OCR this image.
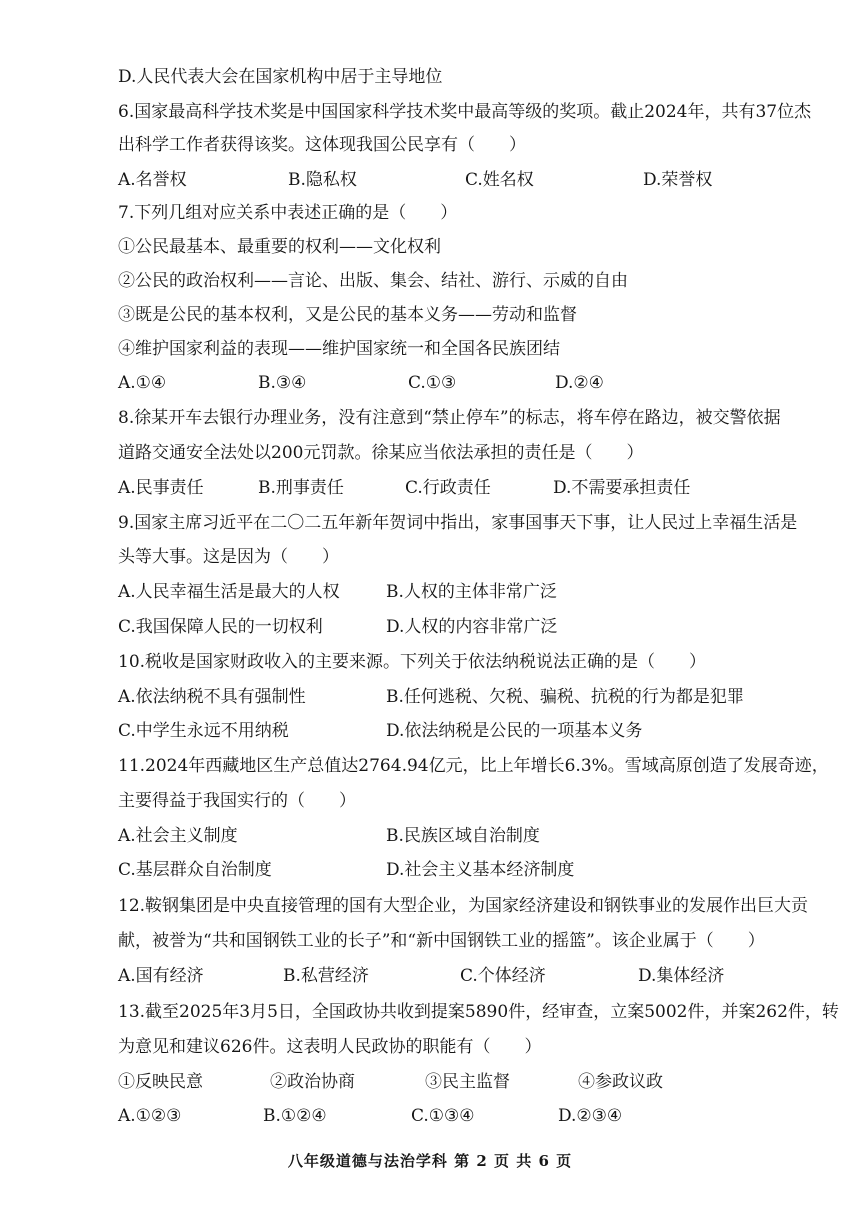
D.人民代表大会在国家机构中居于主导地位
6.国家最高科学技术奖是中国国家科学技术奖中最高等级的奖项。截止2024年，共有37位杰
出科学工作者获得该奖。这体现我国公民享有（　　）
A.名誉权	B.隐私权	C.姓名权	D.荣誉权
7.下列几组对应关系中表述正确的是（　　）
①公民最基本、最重要的权利——文化权利
②公民的政治权利——言论、出版、集会、结社、游行、示威的自由
③既是公民的基本权利，又是公民的基本义务——劳动和监督
④维护国家利益的表现——维护国家统一和全国各民族团结
A.①④	B.③④	C.①③	D.②④
8.徐某开车去银行办理业务，没有注意到“禁止停车”的标志，将车停在路边，被交警依据
道路交通安全法处以200元罚款。徐某应当依法承担的责任是（　　）
A.民事责任	B.刑事责任	C.行政责任	D.不需要承担责任
9.国家主席习近平在二〇二五年新年贺词中指出，家事国事天下事，让人民过上幸福生活是
头等大事。这是因为（　　）
A.人民幸福生活是最大的人权	B.人权的主体非常广泛
C.我国保障人民的一切权利	D.人权的内容非常广泛
10.税收是国家财政收入的主要来源。下列关于依法纳税说法正确的是（　　）
A.依法纳税不具有强制性	B.任何逃税、欠税、骗税、抗税的行为都是犯罪
C.中学生永远不用纳税	D.依法纳税是公民的一项基本义务
11.2024年西藏地区生产总值达2764.94亿元，比上年增长6.3%。雪域高原创造了发展奇迹，
主要得益于我国实行的（　　）
A.社会主义制度	B.民族区域自治制度
C.基层群众自治制度	D.社会主义基本经济制度
12.鞍钢集团是中央直接管理的国有大型企业，为国家经济建设和钢铁事业的发展作出巨大贡
献，被誉为“共和国钢铁工业的长子”和“新中国钢铁工业的摇篮”。该企业属于（　　）
A.国有经济	B.私营经济	C.个体经济	D.集体经济
13.截至2025年3月5日，全国政协共收到提案5890件，经审查，立案5002件，并案262件，转
为意见和建议626件。这表明人民政协的职能有（　　）
①反映民意	②政治协商	③民主监督	④参政议政
A.①②③	B.①②④	C.①③④	D.②③④
八年级道德与法治学科 第 2 页 共 6 页
